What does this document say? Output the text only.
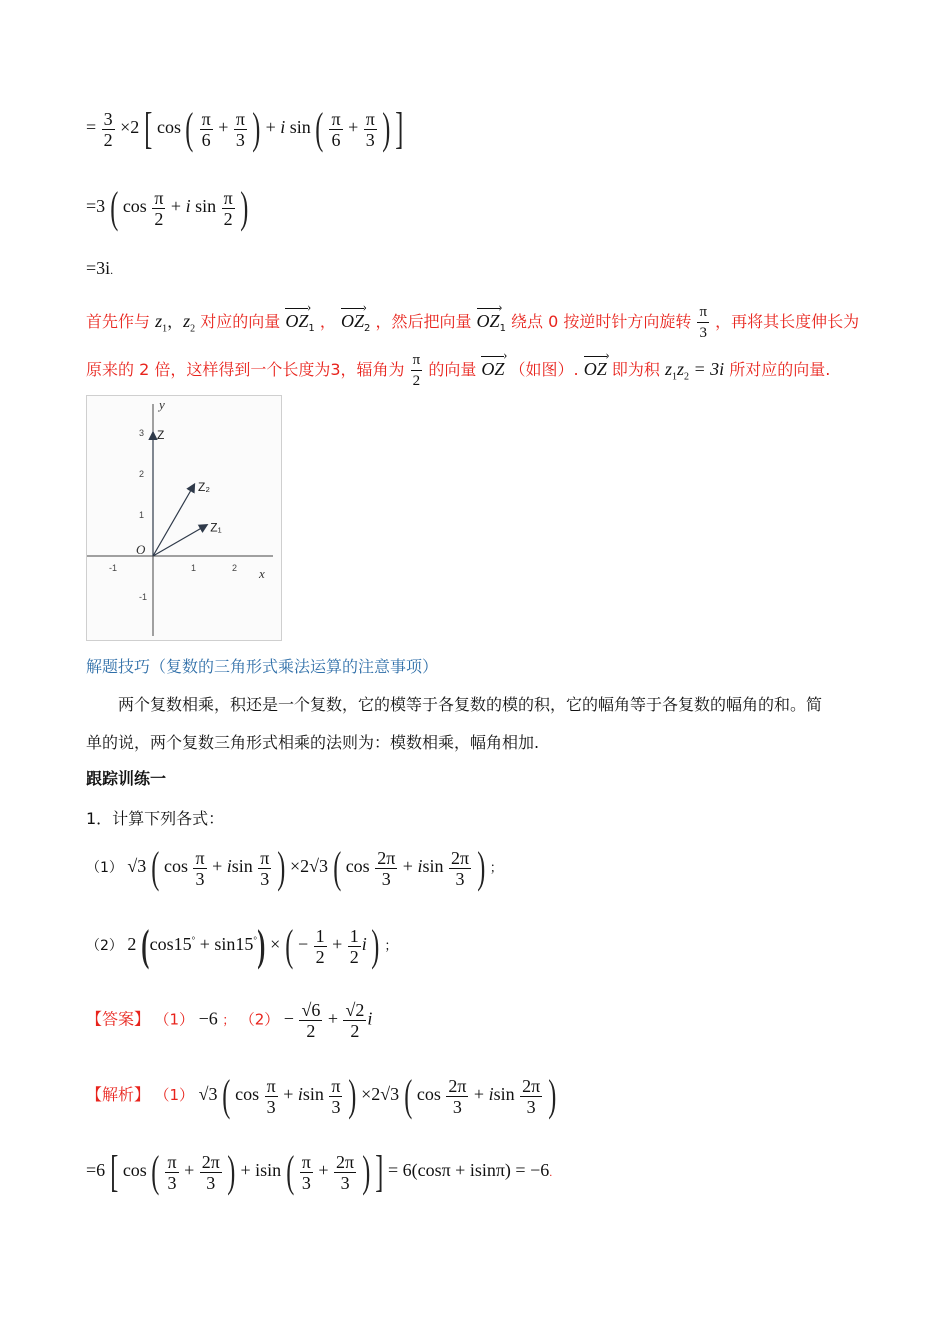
= $\frac{3}{2} \times 2$ [ cos ( $\frac{\pi}{6} + \frac{\pi}{3}$ ) + i sin ( $\frac{\pi}{6} + \frac{\pi}{3}$ ) ]
=3 ( $\cos \frac{\pi}{2} + i$ $\sin \frac{\pi}{2}$ )
=3i.
首先作与 $z_1$，$z_2$ 对应的向量 OZ $›_1$ ， OZ $›_2$ ，然后把向量 OZ $›_1$ 绕点 0 按逆时针方向旋转 $\frac{\pi}{3}$ ，再将其长度伸长为
原来的 2 倍，这样得到一个长度为3，辐角为 $\frac{\pi}{2}$ 的向量 OZ › （如图）. OZ › 即为积 $z_1z_2 = 3i$ 所对应的向量.
x
y
O
-1	1	2
3
2
1
-1
Z
Z₂
Z₁
解题技巧（复数的三角形式乘法运算的注意事项）
两个复数相乘，积还是一个复数，它的模等于各复数的模的积，它的幅角等于各复数的幅角的和。简
单的说，两个复数三角形式相乘的法则为：模数相乘，幅角相加.
跟踪训练一
1．计算下列各式：
（1） √3 ( $\cos \frac{\pi}{3} + isin \frac{\pi}{3}$ ) ×2√3 ( $\cos \frac{2\pi}{3} + isin \frac{2\pi}{3}$ ) ；
（2） 2 (cos15° + sin15°) × ( − $\frac{1}{2} + \frac{1}{2}$ i ) ；
【答案】 （1） −6 ； $(2) - \frac{√6}{2} + \frac{√2}{2}$ i
【解析】 （1） √3 ( $\cos \frac{\pi}{3} + isin \frac{\pi}{3}$ ) ×2√3 ( $\cos \frac{2\pi}{3} + isin \frac{2\pi}{3}$ )
=6 [ cos ( $\frac{\pi}{3} + \frac{2\pi}{3}$ ) + isin ( $\frac{\pi}{3} + \frac{2\pi}{3}$ ) ] = 6(cosπ + isinπ) = −6.
